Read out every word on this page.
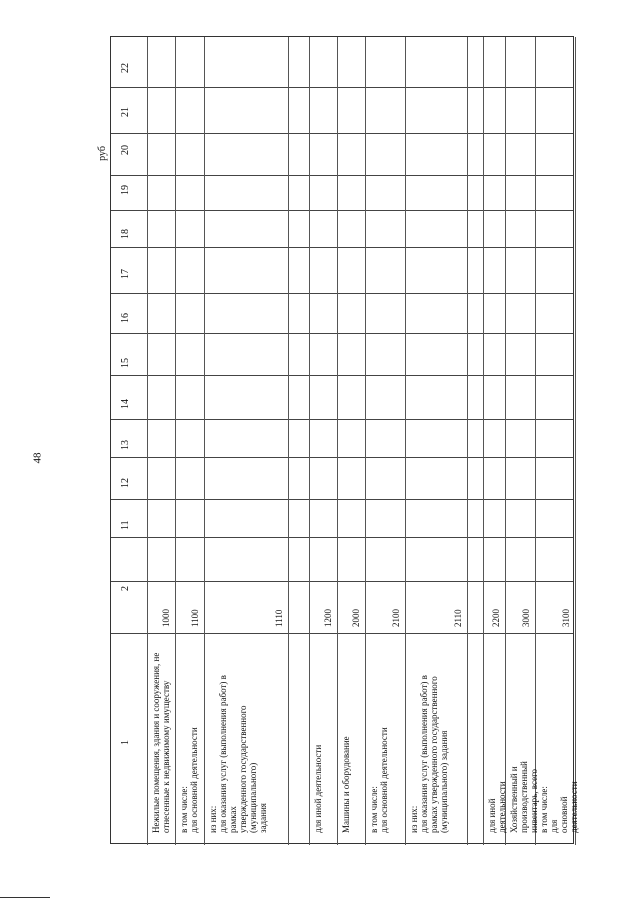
48
руб
1
2
11
12
13
14
15
16
17
18
19
20
21
22
Нежилые помещения, здания и сооружения, не
отнесенные к недвижимому имуществу
1000
в том числе:
для основной деятельности
1100
из них:
для оказания услуг (выполнения работ) в
рамках
утвержденного государственного
(муниципального)
задания
1110
для иной деятельности
1200
Машины и оборудование
2000
в том числе:
для основной деятельности
2100
из них:
для оказания услуг (выполнения работ) в
рамках утвержденного государственного
(муниципального) задания
2110
для иной деятельности
2200
Хозяйственный и производственный инвентарь, всего
3000
в том числе:
для основной деятельности
3100
